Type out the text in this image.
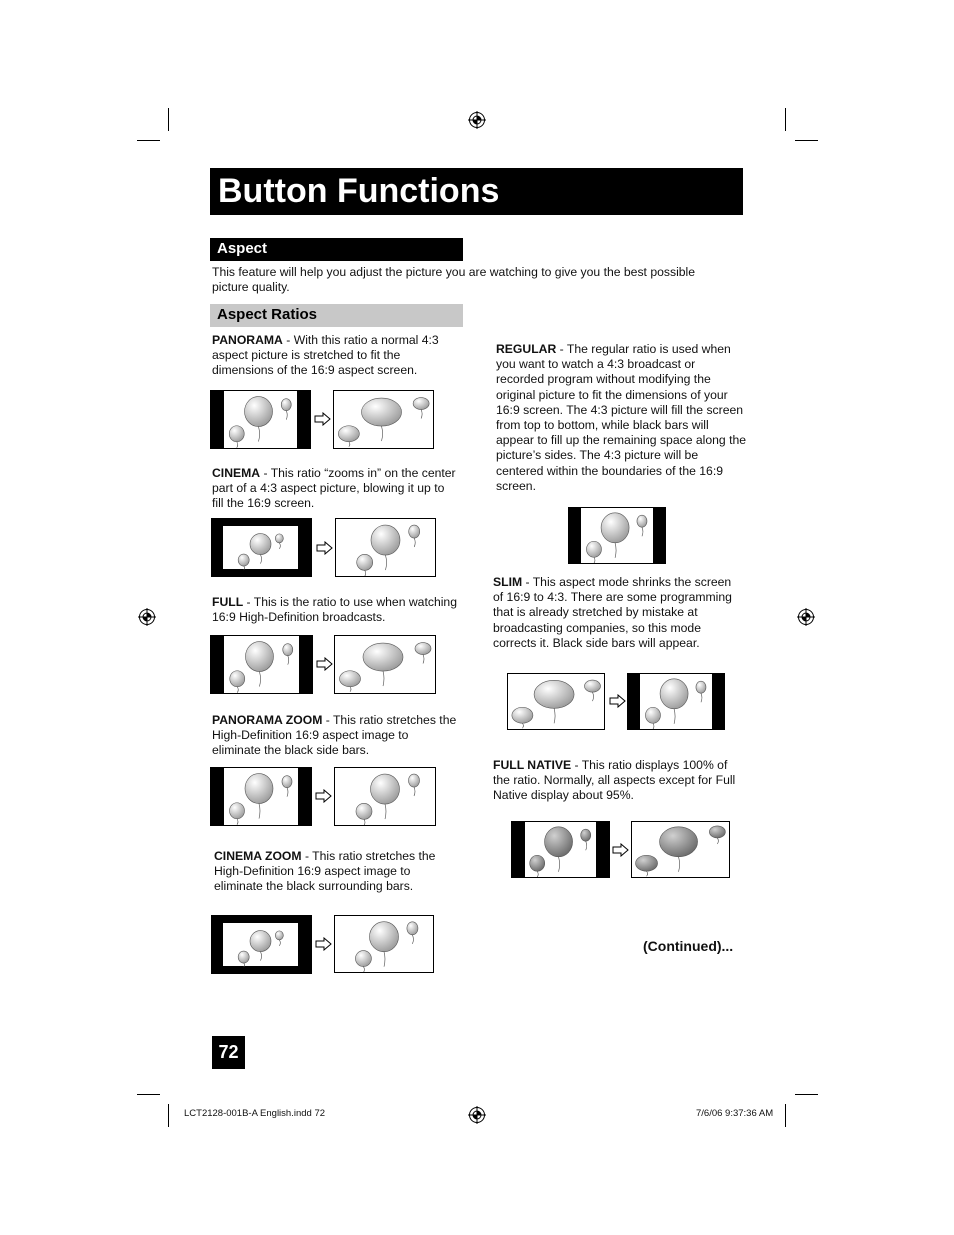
Button Functions
Aspect
This feature will help you adjust the picture you are watching to give you the best possible picture quality.
Aspect Ratios
PANORAMA - With this ratio a normal 4:3 aspect picture is stretched to fit the dimensions of the 16:9 aspect screen.
CINEMA - This ratio “zooms in” on the center part of a 4:3 aspect picture, blowing it up to fill the 16:9 screen.
FULL - This is the ratio to use when watching 16:9 High-Definition broadcasts.
PANORAMA ZOOM - This ratio stretches the High-Definition 16:9 aspect image to eliminate the black side bars.
CINEMA ZOOM - This ratio stretches the High-Definition 16:9 aspect image to eliminate the black surrounding bars.
REGULAR - The regular ratio is used when you want to watch a 4:3 broadcast or recorded program without modifying the original picture to fit the dimensions of your 16:9 screen. The 4:3 picture will fill the screen from top to bottom, while black bars will appear to fill up the remaining space along the picture’s sides. The 4:3 picture will be centered within the boundaries of the 16:9 screen.
SLIM - This aspect mode shrinks the screen of 16:9 to 4:3. There are some programming that is already stretched by mistake at broadcasting companies, so this mode corrects it. Black side bars will appear.
FULL NATIVE - This ratio displays 100% of the ratio. Normally, all aspects except for Full Native display about 95%.
(Continued)...
72
LCT2128-001B-A English.indd 72	7/6/06 9:37:36 AM
